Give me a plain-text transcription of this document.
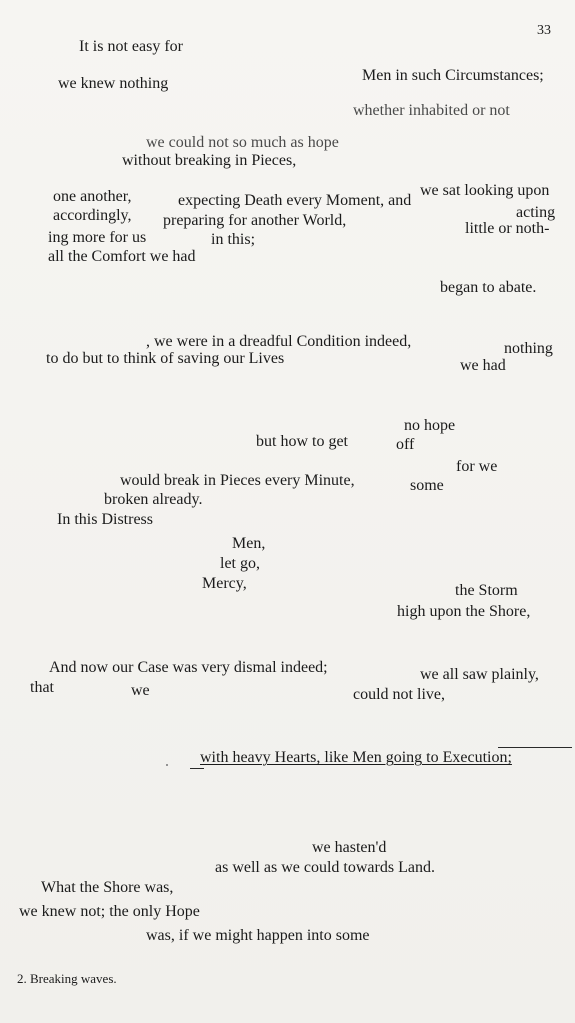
33
It is not easy for
Men in such Circumstances;
we knew nothing
whether inhabited or not
we could not so much as hope
without breaking in Pieces,
we sat looking upon
one another,	expecting Death every Moment, and
acting
accordingly, preparing for another World,	little or noth-
ing more for us	in this;
all the Comfort we had
began to abate.
, we were in a dreadful Condition indeed,	nothing
to do but to think of saving our Lives	we had
no hope
but how to get	off
for we
would break in Pieces every Minute,	some
broken already.
In this Distress
Men,
let go,
Mercy,	the Storm
high upon the Shore,
And now our Case was very dismal indeed;	we all saw plainly,
that	we	could not live,
with heavy Hearts, like Men going to Execution;
we hasten'd
as well as we could towards Land.
What the Shore was,
we knew not; the only Hope
was, if we might happen into some
2. Breaking waves.
